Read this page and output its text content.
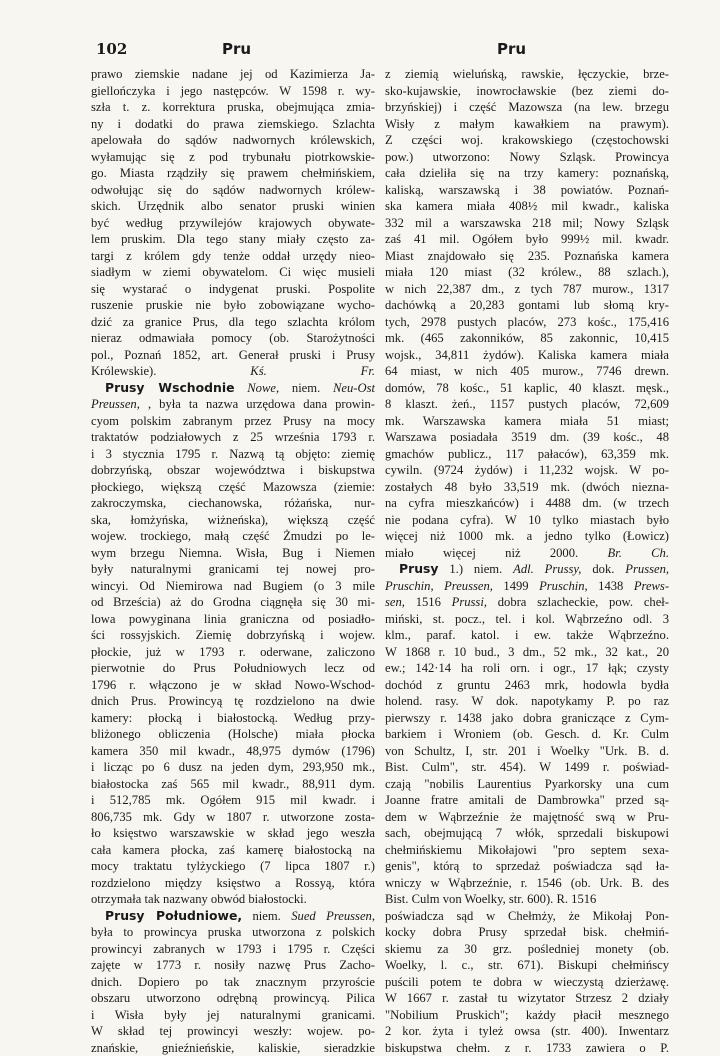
102	Pru	Pru
prawo ziemskie nadane jej od Kazimierza Ja-
giellończyka i jego następców. W 1598 r. wy-
szła t. z. korrektura pruska, obejmująca zmia-
ny i dodatki do prawa ziemskiego. Szlachta
apelowała do sądów nadwornych królewskich,
wyłamując się z pod trybunału piotrkowskie-
go. Miasta rządziły się prawem chełmińskiem,
odwołując się do sądów nadwornych królew-
skich. Urzędnik albo senator pruski winien
być według przywilejów krajowych obywate-
lem pruskim. Dla tego stany miały często za-
targi z królem gdy tenże oddał urzędy nieo-
siadłym w ziemi obywatelom. Ci więc musieli
się wystarać o indygenat pruski. Pospolite
ruszenie pruskie nie było zobowiązane wycho-
dzić za granice Prus, dla tego szlachta królom
nieraz odmawiała pomocy (ob. Starożytności
pol., Poznań 1852, art. Generał pruski i Prusy
Królewskie).	Kś. Fr.
Prusy Wschodnie Nowe, niem. Neu-Ost
Preussen, , była ta nazwa urzędowa dana prowin-
cyom polskim zabranym przez Prusy na mocy
traktatów podziałowych z 25 września 1793 r.
i 3 stycznia 1795 r. Nazwą tą objęto: ziemię
dobrzyńską, obszar województwa i biskupstwa
płockiego, większą część Mazowsza (ziemie:
zakroczymska, ciechanowska, różańska, nur-
ska, łomżyńska, wiżneńska), większą część
wojew. trockiego, małą część Żmudzi po le-
wym brzegu Niemna. Wisła, Bug i Niemen
były naturalnymi granicami tej nowej pro-
wincyi. Od Niemirowa nad Bugiem (o 3 mile
od Brześcia) aż do Grodna ciągnęła się 30 mi-
lowa powyginana linia graniczna od posiadło-
ści rossyjskich. Ziemię dobrzyńską i wojew.
płockie, już w 1793 r. oderwane, zaliczono
pierwotnie do Prus Południowych lecz od
1796 r. włączono je w skład Nowo-Wschod-
dnich Prus. Prowincyą tę rozdzielono na dwie
kamery: płocką i białostocką. Według przy-
bliżonego obliczenia (Holsche) miała płocka
kamera 350 mil kwadr., 48,975 dymów (1796)
i licząc po 6 dusz na jeden dym, 293,950 mk.,
białostocka zaś 565 mil kwadr., 88,911 dym.
i 512,785 mk. Ogółem 915 mil kwadr. i
806,735 mk. Gdy w 1807 r. utworzone zosta-
ło księstwo warszawskie w skład jego weszła
cała kamera płocka, zaś kamerę białostocką na
mocy traktatu tylżyckiego (7 lipca 1807 r.)
rozdzielono między księstwo a Rossyą, która
otrzymała tak nazwany obwód białostocki.
Prusy Południowe, niem. Sued Preussen,
była to prowincya pruska utworzona z polskich
prowincyi zabranych w 1793 i 1795 r. Części
zajęte w 1773 r. nosiły nazwę Prus Zacho-
dnich. Dopiero po tak znacznym przyroście
obszaru utworzono odrębną prowincyą. Pilica
i Wisła były jej naturalnymi granicami.
W skład tej prowincyi weszły: wojew. po-
znańskie, gnieźnieńskie, kaliskie, sieradzkie
z ziemią wieluńską, rawskie, łęczyckie, brze-
sko-kujawskie, inowrocławskie (bez ziemi do-
brzyńskiej) i część Mazowsza (na lew. brzegu
Wisły z małym kawałkiem na prawym).
Z części woj. krakowskiego (częstochowski
pow.) utworzono: Nowy Szląsk. Prowincya
cała dzieliła się na trzy kamery: poznańską,
kaliską, warszawską i 38 powiatów. Poznań-
ska kamera miała 408½ mil kwadr., kaliska
332 mil a warszawska 218 mil; Nowy Szląsk
zaś 41 mil. Ogółem było 999½ mil. kwadr.
Miast znajdowało się 235. Poznańska kamera
miała 120 miast (32 królew., 88 szlach.),
w nich 22,387 dm., z tych 787 murow., 1317
dachówką a 20,283 gontami lub słomą kry-
tych, 2978 pustych placów, 273 kośc., 175,416
mk. (465 zakonników, 85 zakonnic, 10,415
wojsk., 34,811 żydów). Kaliska kamera miała
64 miast, w nich 405 murow., 7746 drewn.
domów, 78 kośc., 51 kaplic, 40 klaszt. męsk.,
8 klaszt. żeń., 1157 pustych placów, 72,609
mk. Warszawska kamera miała 51 miast;
Warszawa posiadała 3519 dm. (39 kośc., 48
gmachów publicz., 117 pałaców), 63,359 mk.
cywiln. (9724 żydów) i 11,232 wojsk. W po-
zostałych 48 było 33,519 mk. (dwóch niezna-
na cyfra mieszkańców) i 4488 dm. (w trzech
nie podana cyfra). W 10 tylko miastach było
więcej niż 1000 mk. a jedno tylko (Łowicz)
miało więcej niż 2000. Br. Ch.
Prusy 1.) niem. Adl. Prussy, dok. Prussen,
Pruschin, Preussen, 1499 Pruschin, 1438 Prews-
sen, 1516 Prussi, dobra szlacheckie, pow. cheł-
miński, st. pocz., tel. i kol. Wąbrzeźno odl. 3
klm., paraf. katol. i ew. także Wąbrzeźno.
W 1868 r. 10 bud., 3 dm., 52 mk., 32 kat., 20
ew.; 142·14 ha roli orn. i ogr., 17 łąk; czysty
dochód z gruntu 2463 mrk, hodowla bydła
holend. rasy. W dok. napotykamy P. po raz
pierwszy r. 1438 jako dobra graniczące z Cym-
barkiem i Wroniem (ob. Gesch. d. Kr. Culm
von Schultz, I, str. 201 i Woelky "Urk. B. d.
Bist. Culm", str. 454). W 1499 r. poświad-
czają "nobilis Laurentius Pyarkorsky una cum
Joanne fratre amitali de Dambrowka" przed są-
dem w Wąbrzeźnie że majętność swą w Pru-
sach, obejmującą 7 włók, sprzedali biskupowi
chełmińskiemu Mikołajowi "pro septem sexa-
genis", którą to sprzedaż poświadcza sąd ła-
wniczy w Wąbrzeźnie, r. 1546 (ob. Urk. B. des
Bist. Culm von Woelky, str. 600). R. 1516
poświadcza sąd w Chełmży, że Mikołaj Pon-
kocky dobra Prusy sprzedał bisk. chełmiń-
skiemu za 30 grz. pośledniej monety (ob.
Woelky, l. c., str. 671). Biskupi chełmińscy
puścili potem te dobra w wieczystą dzierżawę.
W 1667 r. zastał tu wizytator Strzesz 2 działy
"Nobilium Pruskich"; każdy płacił mesznego
2 kor. żyta i tyleż owsa (str. 400). Inwentarz
biskupstwa chełm. z r. 1733 zawiera o P.
